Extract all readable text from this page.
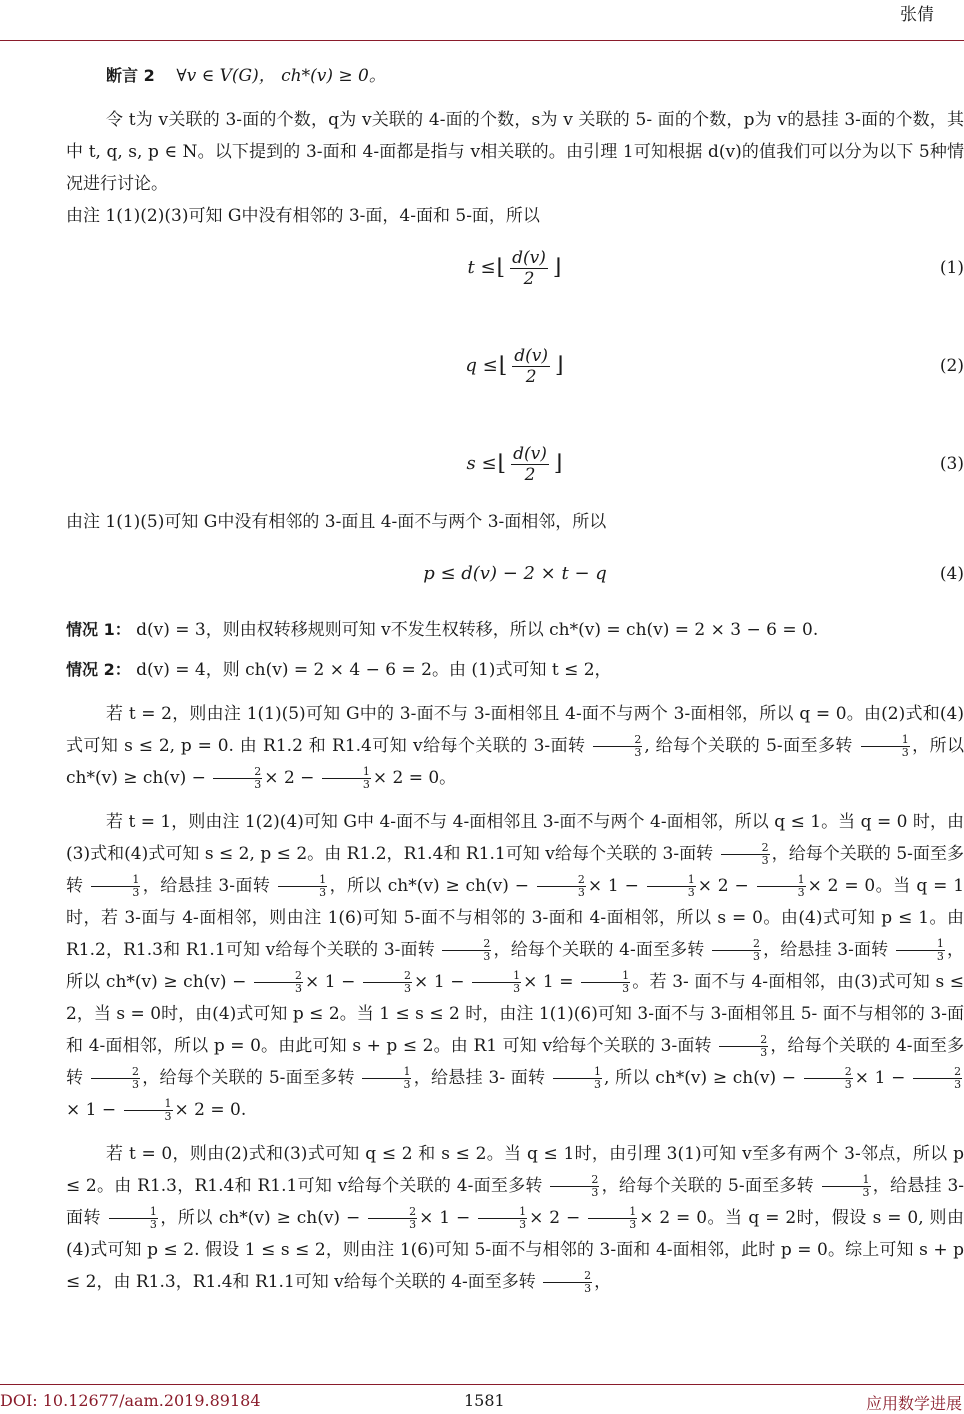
张倩

断言 2 ∀v ∈ V(G)， ch*(v) ≥ 0。

令 t为 v关联的 3-面的个数，q为 v关联的 4-面的个数，s为 v 关联的 5- 面的个数，p为 v的悬挂 3-面的个数，其中 t, q, s, p ∈ N。以下提到的 3-面和 4-面都是指与 v相关联的。由引理 1可知根据 d(v)的值我们可以分为以下 5种情况进行讨论。

由注 1(1)(2)(3)可知 G中没有相邻的 3-面，4-面和 5-面，所以

t ≤ ⌊ $\frac{d(v)}{2}$ ⌋	(1)
q ≤ ⌊ $\frac{d(v)}{2}$ ⌋	(2)
s ≤ ⌊ $\frac{d(v)}{2}$ ⌋	(3)

由注 1(1)(5)可知 G中没有相邻的 3-面且 4-面不与两个 3-面相邻，所以

p ≤ d(v) − 2 × t − q	(4)

情况 1： d(v) = 3，则由权转移规则可知 v不发生权转移，所以 ch*(v) = ch(v) = 2 × 3 − 6 = 0.

情况 2： d(v) = 4，则 ch(v) = 2 × 4 − 6 = 2。由 (1)式可知 t ≤ 2，

若 t = 2，则由注 1(1)(5)可知 G中的 3-面不与 3-面相邻且 4-面不与两个 3-面相邻，所以 q = 0。由(2)式和(4)式可知 s ≤ 2, p = 0. 由 R1.2 和 R1.4可知 v给每个关联的 3-面转 $\frac{2}{3}$ , 给每个关联的 5-面至多转 $\frac{1}{3}$ ，所以 $ch*(v) \ge ch(v) - \frac{2}{3} \times 2 - \frac{1}{3} \times 2 = 0$。

若 t = 1，则由注 1(2)(4)可知 G中 4-面不与 4-面相邻且 3-面不与两个 4-面相邻，所以 q ≤ 1。当 q = 0 时，由(3)式和(4)式可知 s ≤ 2, p ≤ 2。由 R1.2，R1.4和 R1.1可知 v给每个关联的 3-面转 $\frac{2}{3}$ ，给每个关联的 5-面至多转 $\frac{1}{3}$ ，给悬挂 3-面转 $\frac{1}{3}$ ，所以 $ch*(v) \ge ch(v) - \frac{2}{3} \times 1 - \frac{1}{3} \times 2 - \frac{1}{3} \times 2 = 0$。当 q = 1 时，若 3-面与 4-面相邻，则由注 1(6)可知 5-面不与相邻的 3-面和 4-面相邻，所以 s = 0。由(4)式可知 p ≤ 1。由 R1.2，R1.3和 R1.1可知 v给每个关联的 3-面转 $\frac{2}{3}$ ，给每个关联的 4-面至多转 $\frac{2}{3}$ ，给悬挂 3-面转 $\frac{1}{3}$ ，所以 $ch*(v) \ge ch(v) - \frac{2}{3} \times 1 - \frac{2}{3} \times 1 - \frac{1}{3} \times 1 = \frac{1}{3}$ 。若 3- 面不与 4-面相邻，由(3)式可知 s ≤ 2，当 s = 0时，由(4)式可知 p ≤ 2。当 1 ≤ s ≤ 2 时，由注 1(1)(6)可知 3-面不与 3-面相邻且 5- 面不与相邻的 3-面和 4-面相邻，所以 p = 0。由此可知 s + p ≤ 2。由 R1 可知 v给每个关联的 3-面转 $\frac{2}{3}$ ，给每个关联的 4-面至多转 $\frac{2}{3}$ ，给每个关联的 5-面至多转 $\frac{1}{3}$ ，给悬挂 3- 面转 $\frac{1}{3}$ , 所以 $ch*(v) \ge ch(v) - \frac{2}{3} \times 1 - \frac{2}{3}$
× $1 - \frac{1}{3} \times 2 = 0$.

若 t = 0，则由(2)式和(3)式可知 q ≤ 2 和 s ≤ 2。当 q ≤ 1时，由引理 3(1)可知 v至多有两个 3-邻点，所以 p ≤ 2。由 R1.3，R1.4和 R1.1可知 v给每个关联的 4-面至多转 $\frac{2}{3}$ ，给每个关联的 5-面至多转 $\frac{1}{3}$ ，给悬挂 3-面转 $\frac{1}{3}$ ，所以 $ch*(v) \ge ch(v) - \frac{2}{3} \times 1 - \frac{1}{3} \times 2 - \frac{1}{3} \times 2 = 0$。当 q = 2时，假设 s = 0, 则由(4)式可知 p ≤ 2. 假设 1 ≤ s ≤ 2，则由注 1(6)可知 5-面不与相邻的 3-面和 4-面相邻，此时 p = 0。综上可知 s + p ≤ 2，由 R1.3，R1.4和 R1.1可知 v给每个关联的 4-面至多转 $\frac{2}{3}$ ，

DOI: 10.12677/aam.2019.89184	1581	应用数学进展
